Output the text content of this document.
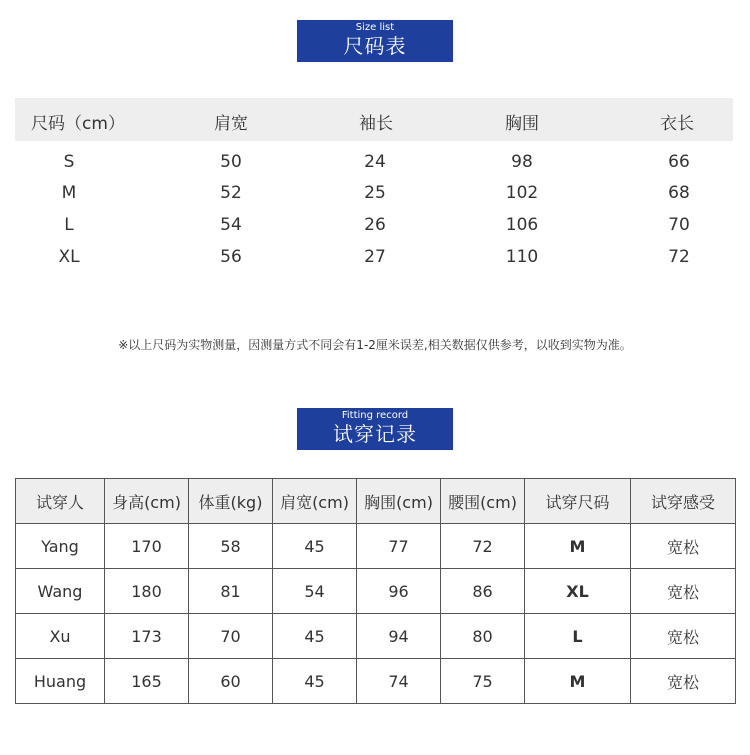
Size list
尺码表
尺码（cm）	肩宽	袖长	胸围	衣长
S	50	24	98	66
M	52	25	102	68
L	54	26	106	70
XL	56	27	110	72
※以上尺码为实物测量，因测量方式不同会有1-2厘米误差,相关数据仅供参考，以收到实物为准。
Fitting record
试穿记录
试穿人	身高(cm)	体重(kg)	肩宽(cm)	胸围(cm)	腰围(cm)	试穿尺码	试穿感受
Yang	170	58	45	77	72	M	宽松
Wang	180	81	54	96	86	XL	宽松
Xu	173	70	45	94	80	L	宽松
Huang	165	60	45	74	75	M	宽松
